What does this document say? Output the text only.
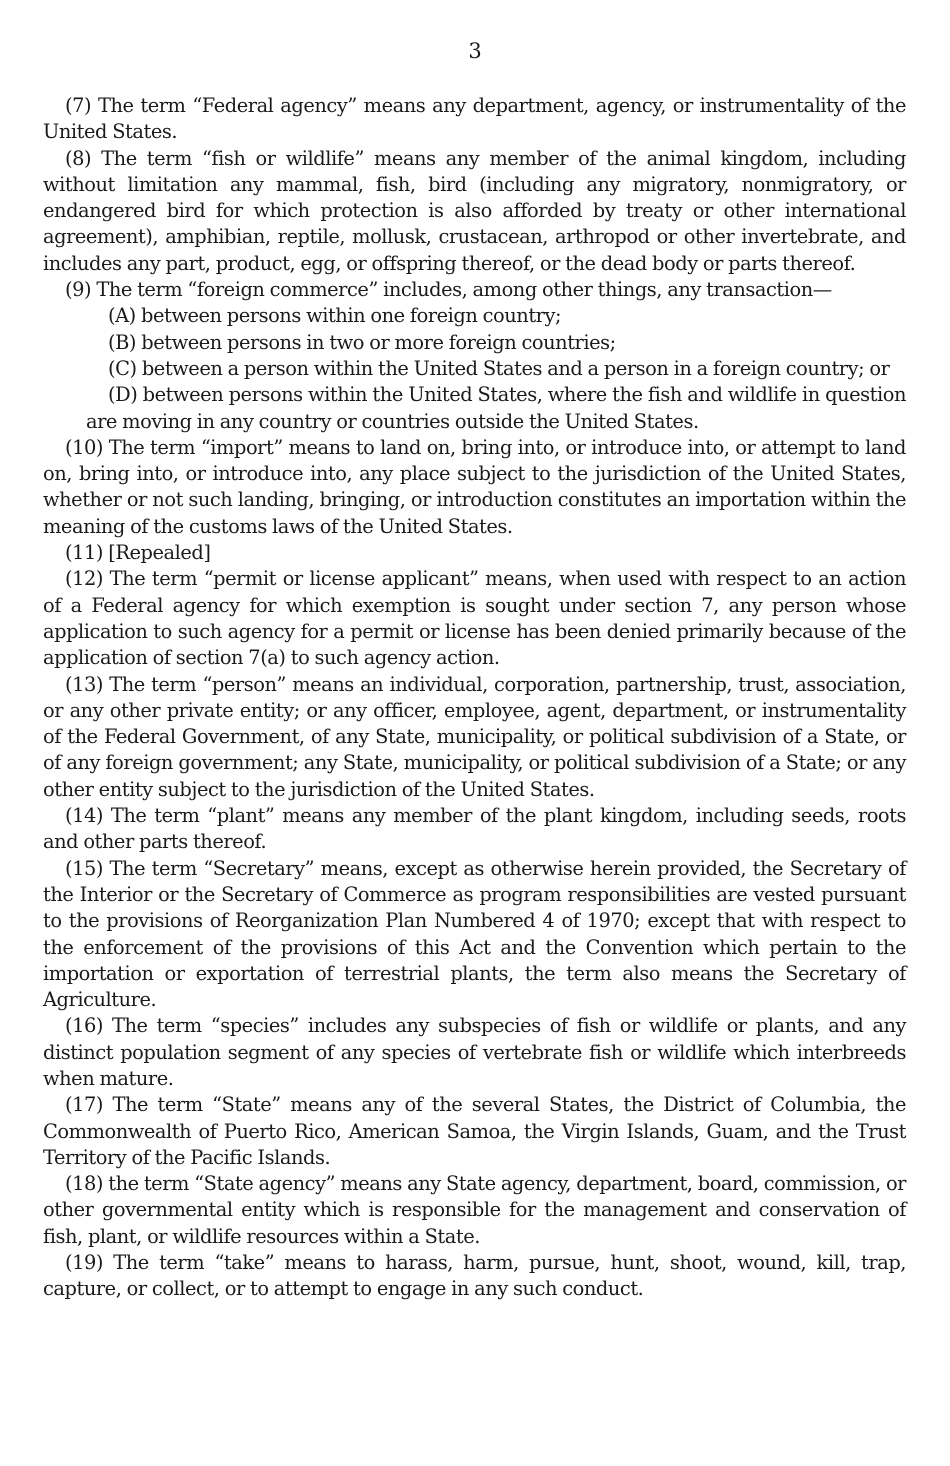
3

(7) The term “Federal agency” means any department, agency, or instrumentality of the United States.

(8) The term “fish or wildlife” means any member of the animal kingdom, including without limitation any mammal, fish, bird (including any migratory, nonmigratory, or endangered bird for which protection is also afforded by treaty or other international agreement), amphibian, reptile, mollusk, crustacean, arthropod or other invertebrate, and includes any part, product, egg, or offspring thereof, or the dead body or parts thereof.

(9) The term “foreign commerce” includes, among other things, any transaction—

(A) between persons within one foreign country;

(B) between persons in two or more foreign countries;

(C) between a person within the United States and a person in a foreign country; or

(D) between persons within the United States, where the fish and wildlife in question are moving in any country or countries outside the United States.

(10) The term “import” means to land on, bring into, or introduce into, or attempt to land on, bring into, or introduce into, any place subject to the jurisdiction of the United States, whether or not such landing, bringing, or introduction constitutes an importation within the meaning of the customs laws of the United States.

(11) [Repealed]

(12) The term “permit or license applicant” means, when used with respect to an action of a Federal agency for which exemption is sought under section 7, any person whose application to such agency for a permit or license has been denied primarily because of the application of section 7(a) to such agency action.

(13) The term “person” means an individual, corporation, partnership, trust, association, or any other private entity; or any officer, employee, agent, department, or instrumentality of the Federal Government, of any State, municipality, or political subdivision of a State, or of any foreign government; any State, municipality, or political subdivision of a State; or any other entity subject to the jurisdiction of the United States.

(14) The term “plant” means any member of the plant kingdom, including seeds, roots and other parts thereof.

(15) The term “Secretary” means, except as otherwise herein provided, the Secretary of the Interior or the Secretary of Commerce as program responsibilities are vested pursuant to the provisions of Reorganization Plan Numbered 4 of 1970; except that with respect to the enforcement of the provisions of this Act and the Convention which pertain to the importation or exportation of terrestrial plants, the term also means the Secretary of Agriculture.

(16) The term “species” includes any subspecies of fish or wildlife or plants, and any distinct population segment of any species of vertebrate fish or wildlife which interbreeds when mature.

(17) The term “State” means any of the several States, the District of Columbia, the Commonwealth of Puerto Rico, American Samoa, the Virgin Islands, Guam, and the Trust Territory of the Pacific Islands.

(18) the term “State agency” means any State agency, department, board, commission, or other governmental entity which is responsible for the management and conservation of fish, plant, or wildlife resources within a State.

(19) The term “take” means to harass, harm, pursue, hunt, shoot, wound, kill, trap, capture, or collect, or to attempt to engage in any such conduct.
